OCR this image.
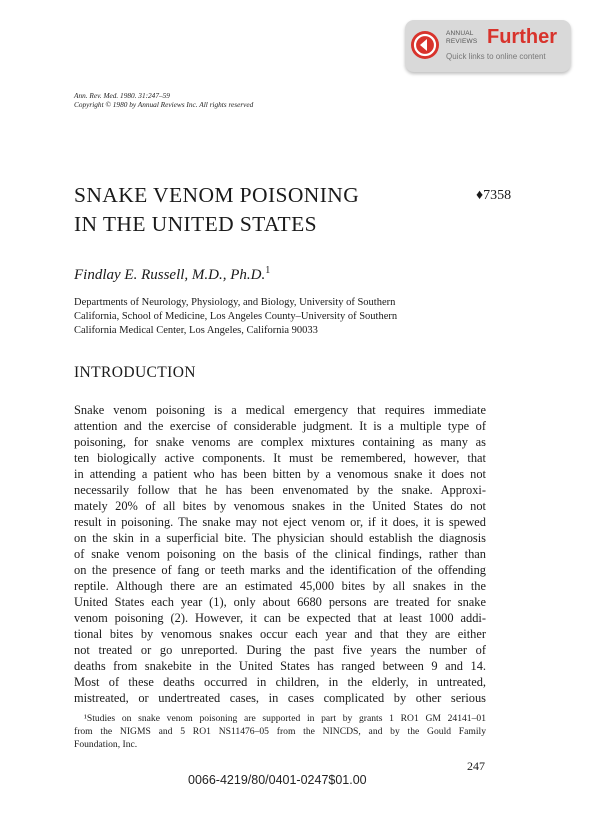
ANNUAL
REVIEWS Further
Quick links to online content
Ann. Rev. Med. 1980. 31:247–59
Copyright © 1980 by Annual Reviews Inc. All rights reserved
SNAKE VENOM POISONING
IN THE UNITED STATES
♦7358
Findlay E. Russell, M.D., Ph.D.$^1$
Departments of Neurology, Physiology, and Biology, University of Southern
California, School of Medicine, Los Angeles County–University of Southern
California Medical Center, Los Angeles, California 90033
INTRODUCTION
Snake venom poisoning is a medical emergency that requires immediate
attention and the exercise of considerable judgment. It is a multiple type of
poisoning, for snake venoms are complex mixtures containing as many as
ten biologically active components. It must be remembered, however, that
in attending a patient who has been bitten by a venomous snake it does not
necessarily follow that he has been envenomated by the snake. Approxi-
mately 20% of all bites by venomous snakes in the United States do not
result in poisoning. The snake may not eject venom or, if it does, it is spewed
on the skin in a superficial bite. The physician should establish the diagnosis
of snake venom poisoning on the basis of the clinical findings, rather than
on the presence of fang or teeth marks and the identification of the offending
reptile. Although there are an estimated 45,000 bites by all snakes in the
United States each year (1), only about 6680 persons are treated for snake
venom poisoning (2). However, it can be expected that at least 1000 addi-
tional bites by venomous snakes occur each year and that they are either
not treated or go unreported. During the past five years the number of
deaths from snakebite in the United States has ranged between 9 and 14.
Most of these deaths occurred in children, in the elderly, in untreated,
mistreated, or undertreated cases, in cases complicated by other serious
¹Studies on snake venom poisoning are supported in part by grants 1 RO1 GM 24141–01
from the NIGMS and 5 RO1 NS11476–05 from the NINCDS, and by the Gould Family
Foundation, Inc.
247
0066-4219/80/0401-0247$01.00
